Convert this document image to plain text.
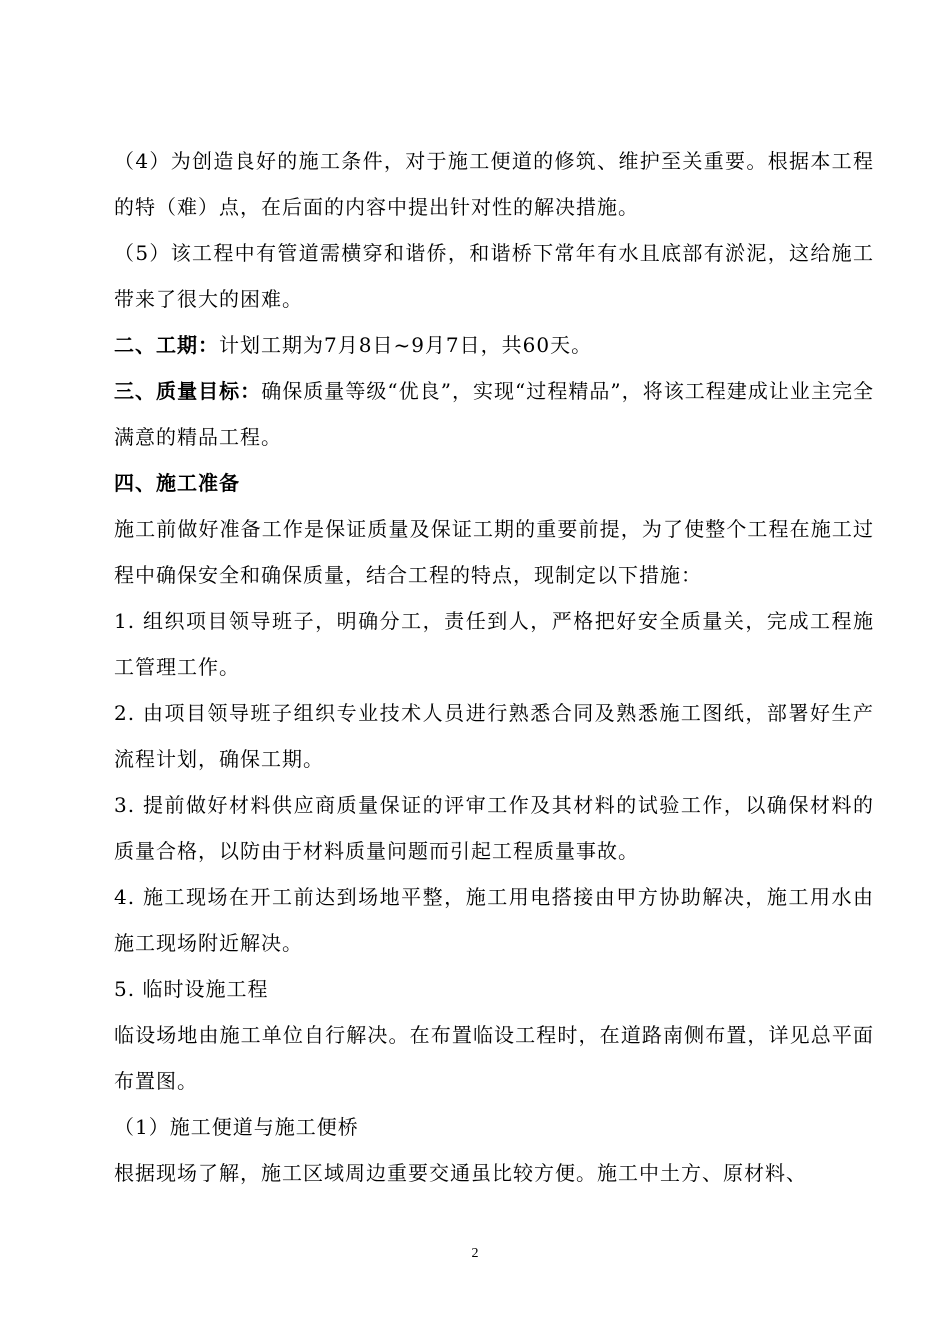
（4）为创造良好的施工条件，对于施工便道的修筑、维护至关重要。根据本工程的特（难）点，在后面的内容中提出针对性的解决措施。

（5）该工程中有管道需横穿和谐侨，和谐桥下常年有水且底部有淤泥，这给施工带来了很大的困难。

二、工期：计划工期为7月8日~9月7日，共60天。

三、质量目标：确保质量等级“优良”，实现“过程精品”，将该工程建成让业主完全满意的精品工程。

四、施工准备

施工前做好准备工作是保证质量及保证工期的重要前提，为了使整个工程在施工过程中确保安全和确保质量，结合工程的特点，现制定以下措施：

1. 组织项目领导班子，明确分工，责任到人，严格把好安全质量关，完成工程施工管理工作。

2. 由项目领导班子组织专业技术人员进行熟悉合同及熟悉施工图纸，部署好生产流程计划，确保工期。

3. 提前做好材料供应商质量保证的评审工作及其材料的试验工作，以确保材料的质量合格，以防由于材料质量问题而引起工程质量事故。

4. 施工现场在开工前达到场地平整，施工用电搭接由甲方协助解决，施工用水由施工现场附近解决。

5. 临时设施工程

临设场地由施工单位自行解决。在布置临设工程时，在道路南侧布置，详见总平面布置图。

（1）施工便道与施工便桥

根据现场了解，施工区域周边重要交通虽比较方便。施工中土方、原材料、

2
